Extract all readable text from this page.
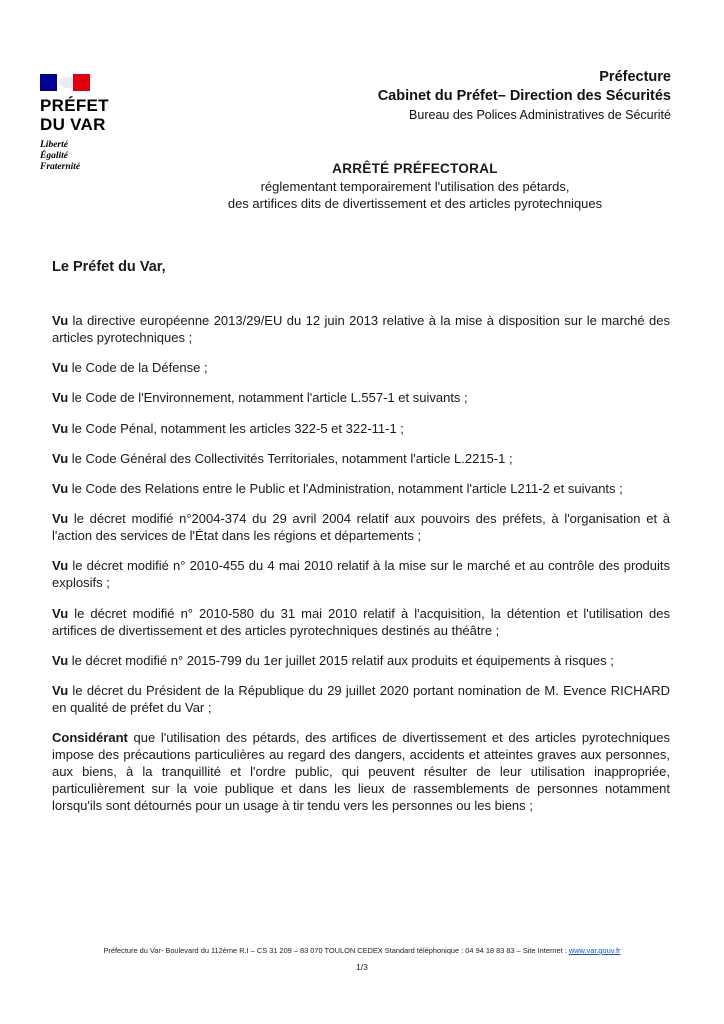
PRÉFET
DU VAR
Liberté
Égalité
Fraternité
Préfecture
Cabinet du Préfet– Direction des Sécurités
Bureau des Polices Administratives de Sécurité
ARRÊTÉ PRÉFECTORAL
réglementant temporairement l'utilisation des pétards,
des artifices dits de divertissement et des articles pyrotechniques
Le Préfet du Var,

Vu la directive européenne 2013/29/EU du 12 juin 2013 relative à la mise à disposition sur le marché des articles pyrotechniques ;

Vu le Code de la Défense ;

Vu le Code de l'Environnement, notamment l'article L.557-1 et suivants ;

Vu le Code Pénal, notamment les articles 322-5 et 322-11-1 ;

Vu le Code Général des Collectivités Territoriales, notamment l'article L.2215-1 ;

Vu le Code des Relations entre le Public et l'Administration, notamment l'article L211-2 et suivants ;

Vu le décret modifié n°2004-374 du 29 avril 2004 relatif aux pouvoirs des préfets, à l'organisation et à l'action des services de l'État dans les régions et départements ;

Vu le décret modifié n° 2010-455 du 4 mai 2010 relatif à la mise sur le marché et au contrôle des produits explosifs ;

Vu le décret modifié n° 2010-580 du 31 mai 2010 relatif à l'acquisition, la détention et l'utilisation des artifices de divertissement et des articles pyrotechniques destinés au théâtre ;

Vu le décret modifié n° 2015-799 du 1er juillet 2015 relatif aux produits et équipements à risques ;

Vu le décret du Président de la République du 29 juillet 2020 portant nomination de M. Evence RICHARD en qualité de préfet du Var ;

Considérant que l'utilisation des pétards, des artifices de divertissement et des articles pyrotechniques impose des précautions particulières au regard des dangers, accidents et atteintes graves aux personnes, aux biens, à la tranquillité et l'ordre public, qui peuvent résulter de leur utilisation inappropriée, particulièrement sur la voie publique et dans les lieux de rassemblements de personnes notamment lorsqu'ils sont détournés pour un usage à tir tendu vers les personnes ou les biens ;

Préfecture du Var- Boulevard du 112ème R.I – CS 31 209 – 83 070 TOULON CEDEX Standard téléphonique : 04 94 18 83 83 – Site Internet : www.var.gouv.fr
1/3
